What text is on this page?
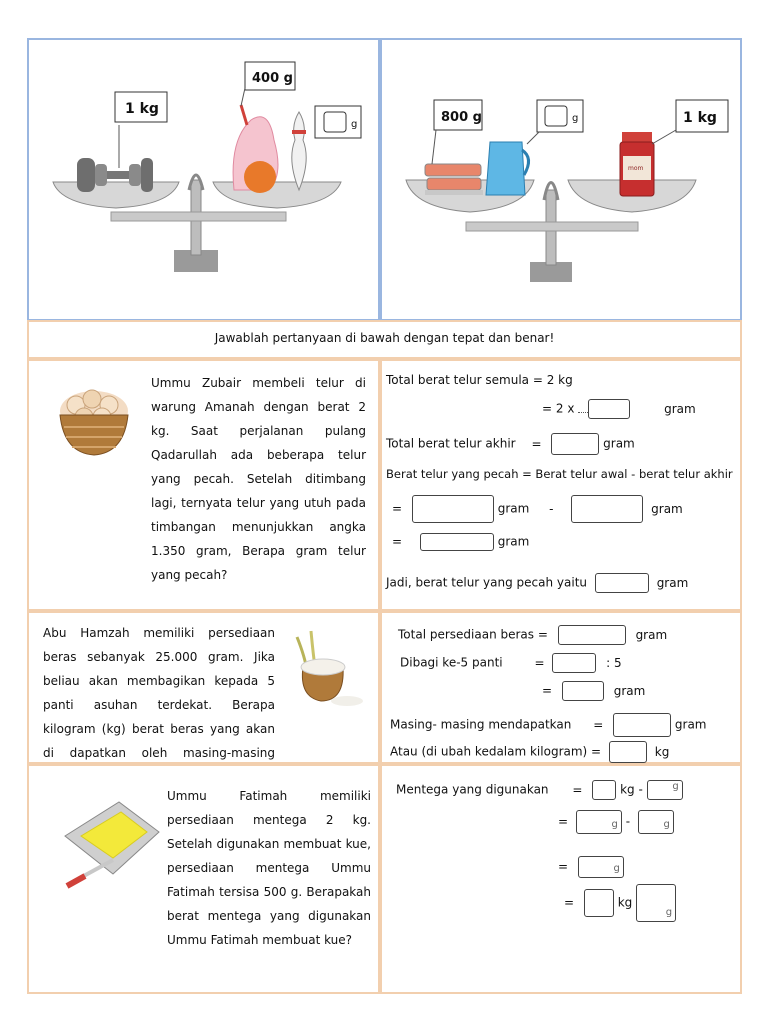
1 kg
400 g
g	800 g	g
mom
1 kg
Jawablah pertanyaan di bawah dengan tepat dan benar!
Ummu Zubair membeli telur di warung Amanah dengan berat 2 kg. Saat perjalanan pulang Qadarullah ada beberapa telur yang pecah. Setelah ditimbang lagi, ternyata telur yang utuh pada timbangan menunjukkan angka 1.350 gram, Berapa gram telur yang pecah?
Total berat telur semula = 2 kg
= 2 x	gram
Total berat telur akhir =	gram
Berat telur yang pecah = Berat telur awal - berat telur akhir
=	gram -	gram
=	gram
Jadi, berat telur yang pecah yaitu	gram
Abu Hamzah memiliki persediaan beras sebanyak 25.000 gram. Jika beliau akan membagikan kepada 5 panti asuhan terdekat. Berapa kilogram (kg) berat beras yang akan di dapatkan oleh masing-masing
Total persediaan beras =	gram
Dibagi ke-5 panti	=	: 5
=	gram
Masing- masing mendapatkan =	gram
Atau (di ubah kedalam kilogram) =	kg
Ummu Fatimah memiliki persediaan mentega 2 kg. Setelah digunakan membuat kue, persediaan mentega Ummu Fatimah tersisa 500 g. Berapakah berat mentega yang digunakan Ummu Fatimah membuat kue?
Mentega yang digunakan =	kg -	g
=	g -	g
=	g
=	kg
g
